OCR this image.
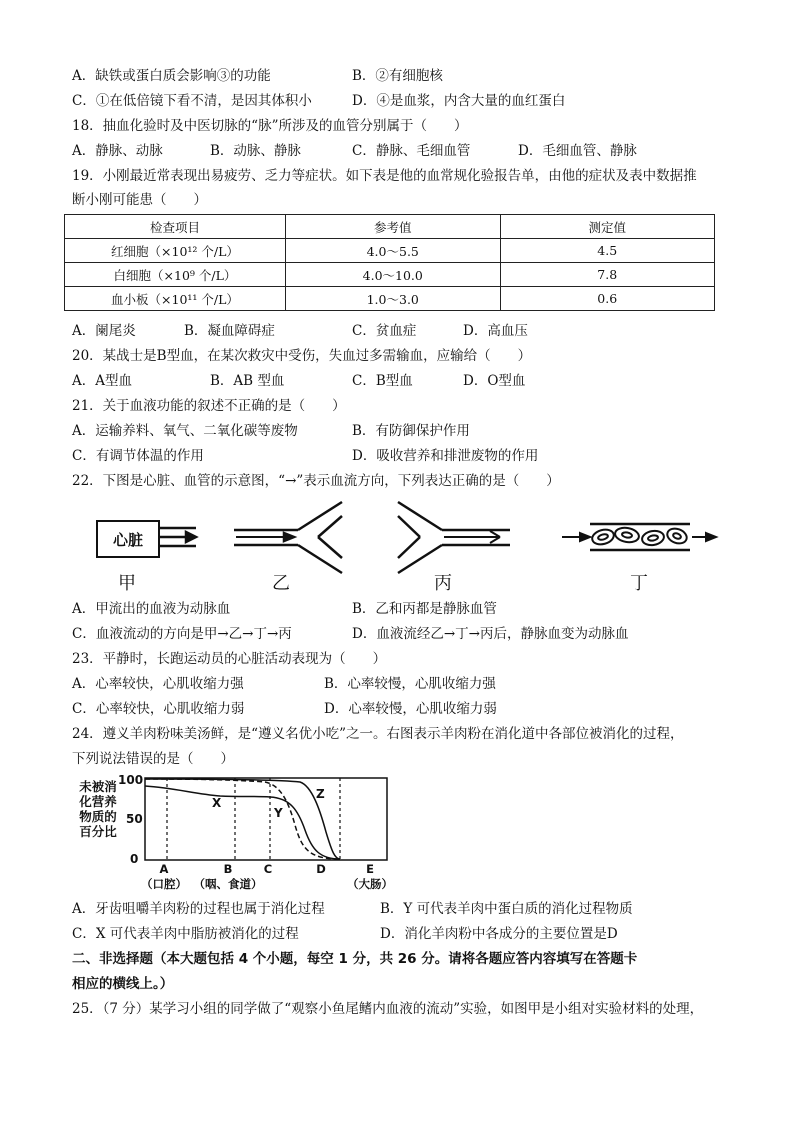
A．缺铁或蛋白质会影响③的功能	B．②有细胞核
C．①在低倍镜下看不清，是因其体积小	D．④是血浆，内含大量的血红蛋白
18．抽血化验时及中医切脉的“脉”所涉及的血管分别属于（　　）
A．静脉、动脉	B．动脉、静脉	C．静脉、毛细血管	D．毛细血管、静脉
19．小刚最近常表现出易疲劳、乏力等症状。如下表是他的血常规化验报告单，由他的症状及表中数据推
断小刚可能患（　　）
检查项目	参考值	测定值
红细胞（×10¹² 个/L）	4.0～5.5	4.5
白细胞（×10⁹ 个/L）	4.0～10.0	7.8
血小板（×10¹¹ 个/L）	1.0～3.0	0.6
A．阑尾炎	B．凝血障碍症	C．贫血症	D．高血压
20．某战士是B型血，在某次救灾中受伤，失血过多需输血，应输给（　　）
A．A型血	B．AB 型血	C．B型血	D．O型血
21．关于血液功能的叙述不正确的是（　　）
A．运输养料、氧气、二氧化碳等废物	B．有防御保护作用
C．有调节体温的作用	D．吸收营养和排泄废物的作用
22．下图是心脏、血管的示意图，“→”表示血流方向，下列表达正确的是（　　）
心脏
甲	乙	丙	丁
A．甲流出的血液为动脉血	B．乙和丙都是静脉血管
C．血液流动的方向是甲→乙→丁→丙	D．血液流经乙→丁→丙后，静脉血变为动脉血
23．平静时，长跑运动员的心脏活动表现为（　　）
A．心率较快，心肌收缩力强	B．心率较慢，心肌收缩力强
C．心率较快，心肌收缩力弱	D．心率较慢，心肌收缩力弱
24．遵义羊肉粉味美汤鲜，是“遵义名优小吃”之一。右图表示羊肉粉在消化道中各部位被消化的过程，
下列说法错误的是（　　）
未被消化营养物质的百分比
100
50
0
X
Y
Z
A
（口腔）
B
（咽、食道）
C	D	E
（大肠）
A．牙齿咀嚼羊肉粉的过程也属于消化过程	B．Y 可代表羊肉中蛋白质的消化过程物质
C．X 可代表羊肉中脂肪被消化的过程	D．消化羊肉粉中各成分的主要位置是D
二、非选择题（本大题包括 4 个小题，每空 1 分，共 26 分。请将各题应答内容填写在答题卡
相应的横线上。）
25．（7 分）某学习小组的同学做了“观察小鱼尾鳍内血液的流动”实验，如图甲是小组对实验材料的处理，
